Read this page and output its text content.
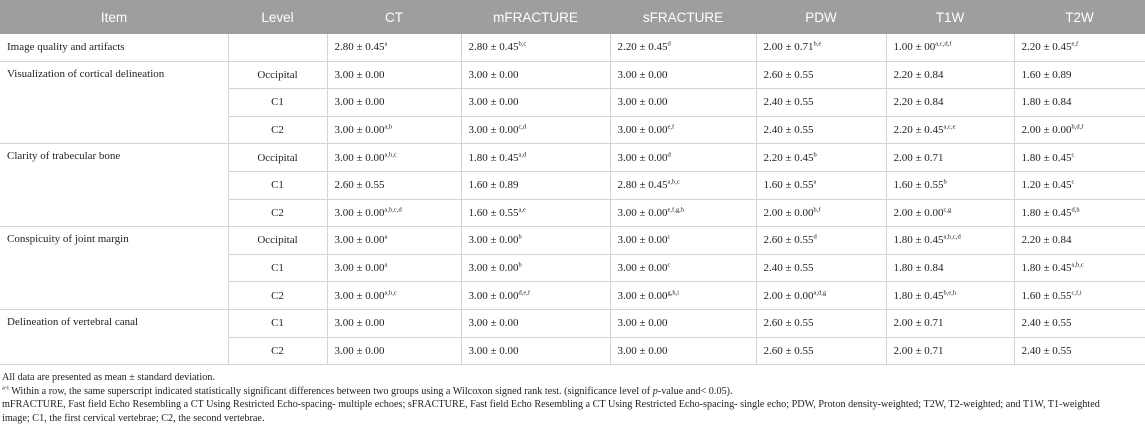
Item	Level	CT	mFRACTURE	sFRACTURE	PDW	T1W	T2W
Image quality and artifacts		2.80 ± 0.45$^a$	$2.80 \pm 0.45^{b,c}$	2.20 ± 0.45$^d$	$2.00 \pm 0.71^{b,e}$	$1.00 \pm 00^{a,c,d,f}$	$2.20 \pm 0.45^{e,f}$
Visualization of cortical delineation	Occipital	3.00 ± 0.00	3.00 ± 0.00	3.00 ± 0.00	2.60 ± 0.55	2.20 ± 0.84	1.60 ± 0.89
	C1	3.00 ± 0.00	3.00 ± 0.00	3.00 ± 0.00	2.40 ± 0.55	2.20 ± 0.84	1.80 ± 0.84
	C2	$3.00 \pm 0.00^{a,b}$	$3.00 \pm 0.00^{c,d}$	$3.00 \pm 0.00^{e,f}$	2.40 ± 0.55	$2.20 \pm 0.45^{a,c,e}$	$2.00 \pm 0.00^{b,d,f}$
Clarity of trabecular bone	Occipital	$3.00 \pm 0.00^{a,b,c}$	$1.80 \pm 0.45^{a,d}$	3.00 ± 0.00$^d$	2.20 ± 0.45$^b$	2.00 ± 0.71	1.80 ± 0.45$^c$
	C1	2.60 ± 0.55	1.60 ± 0.89	$2.80 \pm 0.45^{a,b,c}$	1.60 ± 0.55$^a$	1.60 ± 0.55$^b$	1.20 ± 0.45$^c$
	C2	$3.00 \pm 0.00^{a,b,c,d}$	$1.60 \pm 0.55^{a,e}$	$3.00 \pm 0.00^{e,f,g,h}$	$2.00 \pm 0.00^{b,f}$	$2.00 \pm 0.00^{c,g}$	$1.80 \pm 0.45^{d,h}$
Conspicuity of joint margin	Occipital	3.00 ± 0.00$^a$	3.00 ± 0.00$^b$	3.00 ± 0.00$^c$	2.60 ± 0.55$^d$	$1.80 \pm 0.45^{a,b,c,d}$	2.20 ± 0.84
	C1	3.00 ± 0.00$^a$	3.00 ± 0.00$^b$	3.00 ± 0.00$^c$	2.40 ± 0.55	1.80 ± 0.84	$1.80 \pm 0.45^{a,b,c}$
	C2	$3.00 \pm 0.00^{a,b,c}$	$3.00 \pm 0.00^{d,e,f}$	$3.00 \pm 0.00^{g,h,i}$	$2.00 \pm 0.00^{a,d,g}$	$1.80 \pm 0.45^{b,e,h}$	$1.60 \pm 0.55^{c,f,i}$
Delineation of vertebral canal	C1	3.00 ± 0.00	3.00 ± 0.00	3.00 ± 0.00	2.60 ± 0.55	2.00 ± 0.71	2.40 ± 0.55
	C2	3.00 ± 0.00	3.00 ± 0.00	3.00 ± 0.00	2.60 ± 0.55	2.00 ± 0.71	2.40 ± 0.55
All data are presented as mean ± standard deviation.
$^{a-i}$ Within a row, the same superscript indicated statistically significant differences between two groups using a Wilcoxon signed rank test. (significance level of p-value and< 0.05).
mFRACTURE, Fast field Echo Resembling a CT Using Restricted Echo-spacing- multiple echoes; sFRACTURE, Fast field Echo Resembling a CT Using Restricted Echo-spacing- single echo; PDW, Proton density-weighted; T2W, T2-weighted; and T1W, T1-weighted
image; C1, the first cervical vertebrae; C2, the second vertebrae.
